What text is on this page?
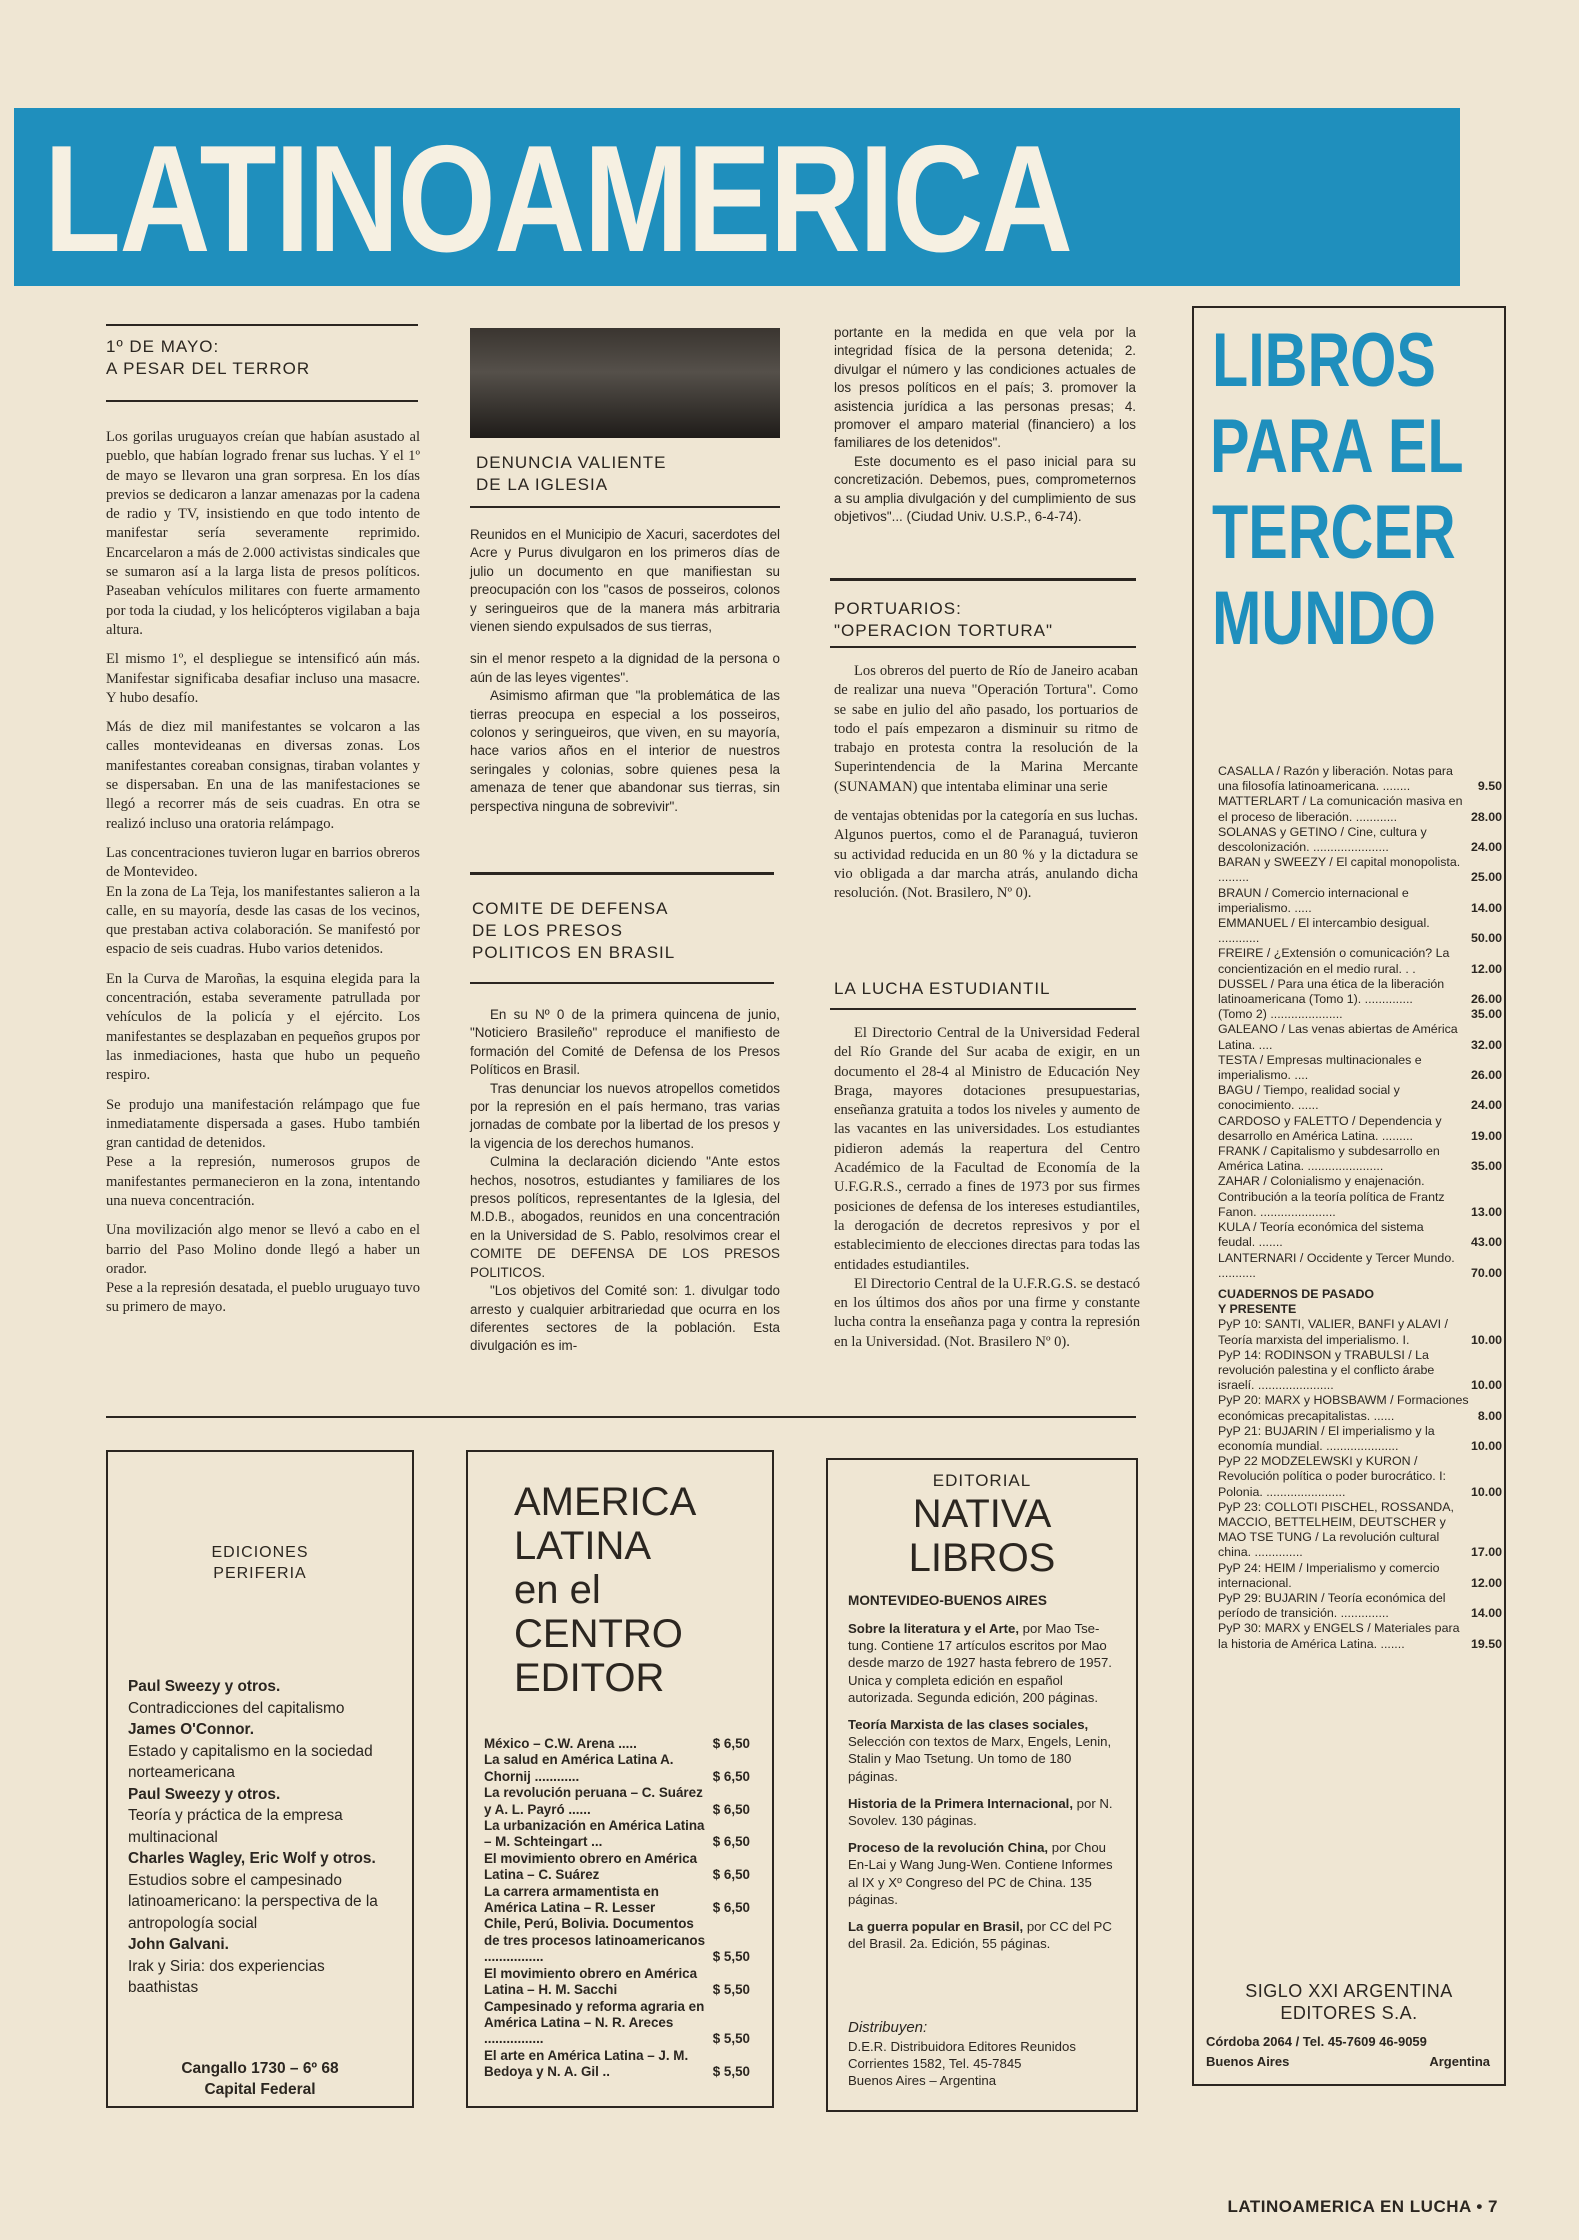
LATINOAMERICA
1º DE MAYO:
A PESAR DEL TERROR

Los gorilas uruguayos creían que habían asustado al pueblo, que habían logrado frenar sus luchas. Y el 1º de mayo se llevaron una gran sorpresa. En los días previos se dedicaron a lanzar amenazas por la cadena de radio y TV, insistiendo en que todo intento de manifestar sería severamente reprimido. Encarcelaron a más de 2.000 activistas sindicales que se sumaron así a la larga lista de presos políticos. Paseaban vehículos militares con fuerte armamento por toda la ciudad, y los helicópteros vigilaban a baja altura.

El mismo 1º, el despliegue se intensificó aún más. Manifestar significaba desafiar incluso una masacre. Y hubo desafío.

Más de diez mil manifestantes se volcaron a las calles montevideanas en diversas zonas. Los manifestantes coreaban consignas, tiraban volantes y se dispersaban. En una de las manifestaciones se llegó a recorrer más de seis cuadras. En otra se realizó incluso una oratoria relámpago.

Las concentraciones tuvieron lugar en barrios obreros de Montevideo.

En la zona de La Teja, los manifestantes salieron a la calle, en su mayoría, desde las casas de los vecinos, que prestaban activa colaboración. Se manifestó por espacio de seis cuadras. Hubo varios detenidos.

En la Curva de Maroñas, la esquina elegida para la concentración, estaba severamente patrullada por vehículos de la policía y el ejército. Los manifestantes se desplazaban en pequeños grupos por las inmediaciones, hasta que hubo un pequeño respiro.

Se produjo una manifestación relámpago que fue inmediatamente dispersada a gases. Hubo también gran cantidad de detenidos.

Pese a la represión, numerosos grupos de manifestantes permanecieron en la zona, intentando una nueva concentración.

Una movilización algo menor se llevó a cabo en el barrio del Paso Molino donde llegó a haber un orador.

Pese a la represión desatada, el pueblo uruguayo tuvo su primero de mayo.

DENUNCIA VALIENTE
DE LA IGLESIA

Reunidos en el Municipio de Xacuri, sacerdotes del Acre y Purus divulgaron en los primeros días de julio un documento en que manifiestan su preocupación con los "casos de posseiros, colonos y seringueiros que de la manera más arbitraria vienen siendo expulsados de sus tierras,

sin el menor respeto a la dignidad de la persona o aún de las leyes vigentes".

Asimismo afirman que "la problemática de las tierras preocupa en especial a los posseiros, colonos y seringueiros, que viven, en su mayoría, hace varios años en el interior de nuestros seringales y colonias, sobre quienes pesa la amenaza de tener que abandonar sus tierras, sin perspectiva ninguna de sobrevivir".

COMITE DE DEFENSA
DE LOS PRESOS
POLITICOS EN BRASIL

En su Nº 0 de la primera quincena de junio, "Noticiero Brasileño" reproduce el manifiesto de formación del Comité de Defensa de los Presos Políticos en Brasil.

Tras denunciar los nuevos atropellos cometidos por la represión en el país hermano, tras varias jornadas de combate por la libertad de los presos y la vigencia de los derechos humanos.

Culmina la declaración diciendo "Ante estos hechos, nosotros, estudiantes y familiares de los presos políticos, representantes de la Iglesia, del M.D.B., abogados, reunidos en una concentración en la Universidad de S. Pablo, resolvimos crear el COMITE DE DEFENSA DE LOS PRESOS POLITICOS.

"Los objetivos del Comité son: 1. divulgar todo arresto y cualquier arbitrariedad que ocurra en los diferentes sectores de la población. Esta divulgación es im-

portante en la medida en que vela por la integridad física de la persona detenida; 2. divulgar el número y las condiciones actuales de los presos políticos en el país; 3. promover la asistencia jurídica a las personas presas; 4. promover el amparo material (financiero) a los familiares de los detenidos".

Este documento es el paso inicial para su concretización. Debemos, pues, comprometernos a su amplia divulgación y del cumplimiento de sus objetivos"... (Ciudad Univ. U.S.P., 6-4-74).

PORTUARIOS:
"OPERACION TORTURA"

Los obreros del puerto de Río de Janeiro acaban de realizar una nueva "Operación Tortura". Como se sabe en julio del año pasado, los portuarios de todo el país empezaron a disminuir su ritmo de trabajo en protesta contra la resolución de la Superintendencia de la Marina Mercante (SUNAMAN) que intentaba eliminar una serie

de ventajas obtenidas por la categoría en sus luchas. Algunos puertos, como el de Paranaguá, tuvieron su actividad reducida en un 80 % y la dictadura se vio obligada a dar marcha atrás, anulando dicha resolución. (Not. Brasilero, Nº 0).

LA LUCHA ESTUDIANTIL

El Directorio Central de la Universidad Federal del Río Grande del Sur acaba de exigir, en un documento el 28-4 al Ministro de Educación Ney Braga, mayores dotaciones presupuestarias, enseñanza gratuita a todos los niveles y aumento de las vacantes en las universidades. Los estudiantes pidieron además la reapertura del Centro Académico de la Facultad de Economía de la U.F.G.R.S., cerrado a fines de 1973 por sus firmes posiciones de defensa de los intereses estudiantiles, la derogación de decretos represivos y por el establecimiento de elecciones directas para todas las entidades estudiantiles.

El Directorio Central de la U.F.R.G.S. se destacó en los últimos dos años por una firme y constante lucha contra la enseñanza paga y contra la represión en la Universidad. (Not. Brasilero Nº 0).

LIBROS
PARA EL
TERCER
MUNDO
CASALLA / Razón y liberación. Notas para una filosofía latinoamericana. ........	9.50
MATTERLART / La comunicación masiva en el proceso de liberación. ............	28.00
SOLANAS y GETINO / Cine, cultura y descolonización. ......................	24.00
BARAN y SWEEZY / El capital monopolista. .........	25.00
BRAUN / Comercio internacional e imperialismo. .....	14.00
EMMANUEL / El intercambio desigual. ............	50.00
FREIRE / ¿Extensión o comunicación? La concientización en el medio rural. . .	12.00
DUSSEL / Para una ética de la liberación latinoamericana (Tomo 1). ..............	26.00
(Tomo 2) .....................	35.00
GALEANO / Las venas abiertas de América Latina. ....	32.00
TESTA / Empresas multinacionales e imperialismo. ....	26.00
BAGU / Tiempo, realidad social y conocimiento. ......	24.00
CARDOSO y FALETTO / Dependencia y desarrollo en América Latina. .........	19.00
FRANK / Capitalismo y subdesarrollo en América Latina. ......................	35.00
ZAHAR / Colonialismo y enajenación. Contribución a la teoría política de Frantz Fanon. ......................	13.00
KULA / Teoría económica del sistema feudal. .......	43.00
LANTERNARI / Occidente y Tercer Mundo. ...........	70.00
CUADERNOS DE PASADO
Y PRESENTE
PyP 10: SANTI, VALIER, BANFI y ALAVI / Teoría marxista del imperialismo. I.	10.00
PyP 14: RODINSON y TRABULSI / La revolución palestina y el conflicto árabe israelí. ......................	10.00
PyP 20: MARX y HOBSBAWM / Formaciones económicas precapitalistas. ......	8.00
PyP 21: BUJARIN / El imperialismo y la economía mundial. .....................	10.00
PyP 22 MODZELEWSKI y KURON / Revolución política o poder burocrático. I: Polonia. .......................	10.00
PyP 23: COLLOTI PISCHEL, ROSSANDA, MACCIO, BETTELHEIM, DEUTSCHER y MAO TSE TUNG / La revolución cultural china. ..............	17.00
PyP 24: HEIM / Imperialismo y comercio internacional.	12.00
PyP 29: BUJARIN / Teoría económica del período de transición. ..............	14.00
PyP 30: MARX y ENGELS / Materiales para la historia de América Latina. .......	19.50
SIGLO XXI ARGENTINA
EDITORES S.A.
Córdoba 2064 / Tel. 45-7609 46-9059
Buenos Aires	Argentina
EDICIONES
PERIFERIA
Paul Sweezy y otros.
Contradicciones del capitalismo
James O'Connor.
Estado y capitalismo en la sociedad norteamericana
Paul Sweezy y otros.
Teoría y práctica de la empresa multinacional
Charles Wagley, Eric Wolf y otros.
Estudios sobre el campesinado latinoamericano: la perspectiva de la antropología social
John Galvani.
Irak y Siria: dos experiencias baathistas
Cangallo 1730 – 6º 68
Capital Federal
AMERICA
LATINA
en el
CENTRO
EDITOR
México – C.W. Arena .....	$ 6,50
La salud en América Latina A. Chornij ............	$ 6,50
La revolución peruana – C. Suárez y A. L. Payró ......	$ 6,50
La urbanización en América Latina – M. Schteingart ...	$ 6,50
El movimiento obrero en América Latina – C. Suárez	$ 6,50
La carrera armamentista en América Latina – R. Lesser	$ 6,50
Chile, Perú, Bolivia. Documentos de tres procesos latinoamericanos ................	$ 5,50
El movimiento obrero en América Latina – H. M. Sacchi	$ 5,50
Campesinado y reforma agraria en América Latina – N. R. Areces ................	$ 5,50
El arte en América Latina – J. M. Bedoya y N. A. Gil ..	$ 5,50
EDITORIAL
NATIVA
LIBROS
MONTEVIDEO-BUENOS AIRES
Sobre la literatura y el Arte, por Mao Tse-tung. Contiene 17 artículos escritos por Mao desde marzo de 1927 hasta febrero de 1957. Unica y completa edición en español autorizada. Segunda edición, 200 páginas.
Teoría Marxista de las clases sociales, Selección con textos de Marx, Engels, Lenin, Stalin y Mao Tsetung. Un tomo de 180 páginas.
Historia de la Primera Internacional, por N. Sovolev. 130 páginas.
Proceso de la revolución China, por Chou En-Lai y Wang Jung-Wen. Contiene Informes al IX y Xº Congreso del PC de China. 135 páginas.
La guerra popular en Brasil, por CC del PC del Brasil. 2a. Edición, 55 páginas.
Distribuyen:
D.E.R. Distribuidora Editores Reunidos
Corrientes 1582, Tel. 45-7845
Buenos Aires – Argentina
LATINOAMERICA EN LUCHA • 7
